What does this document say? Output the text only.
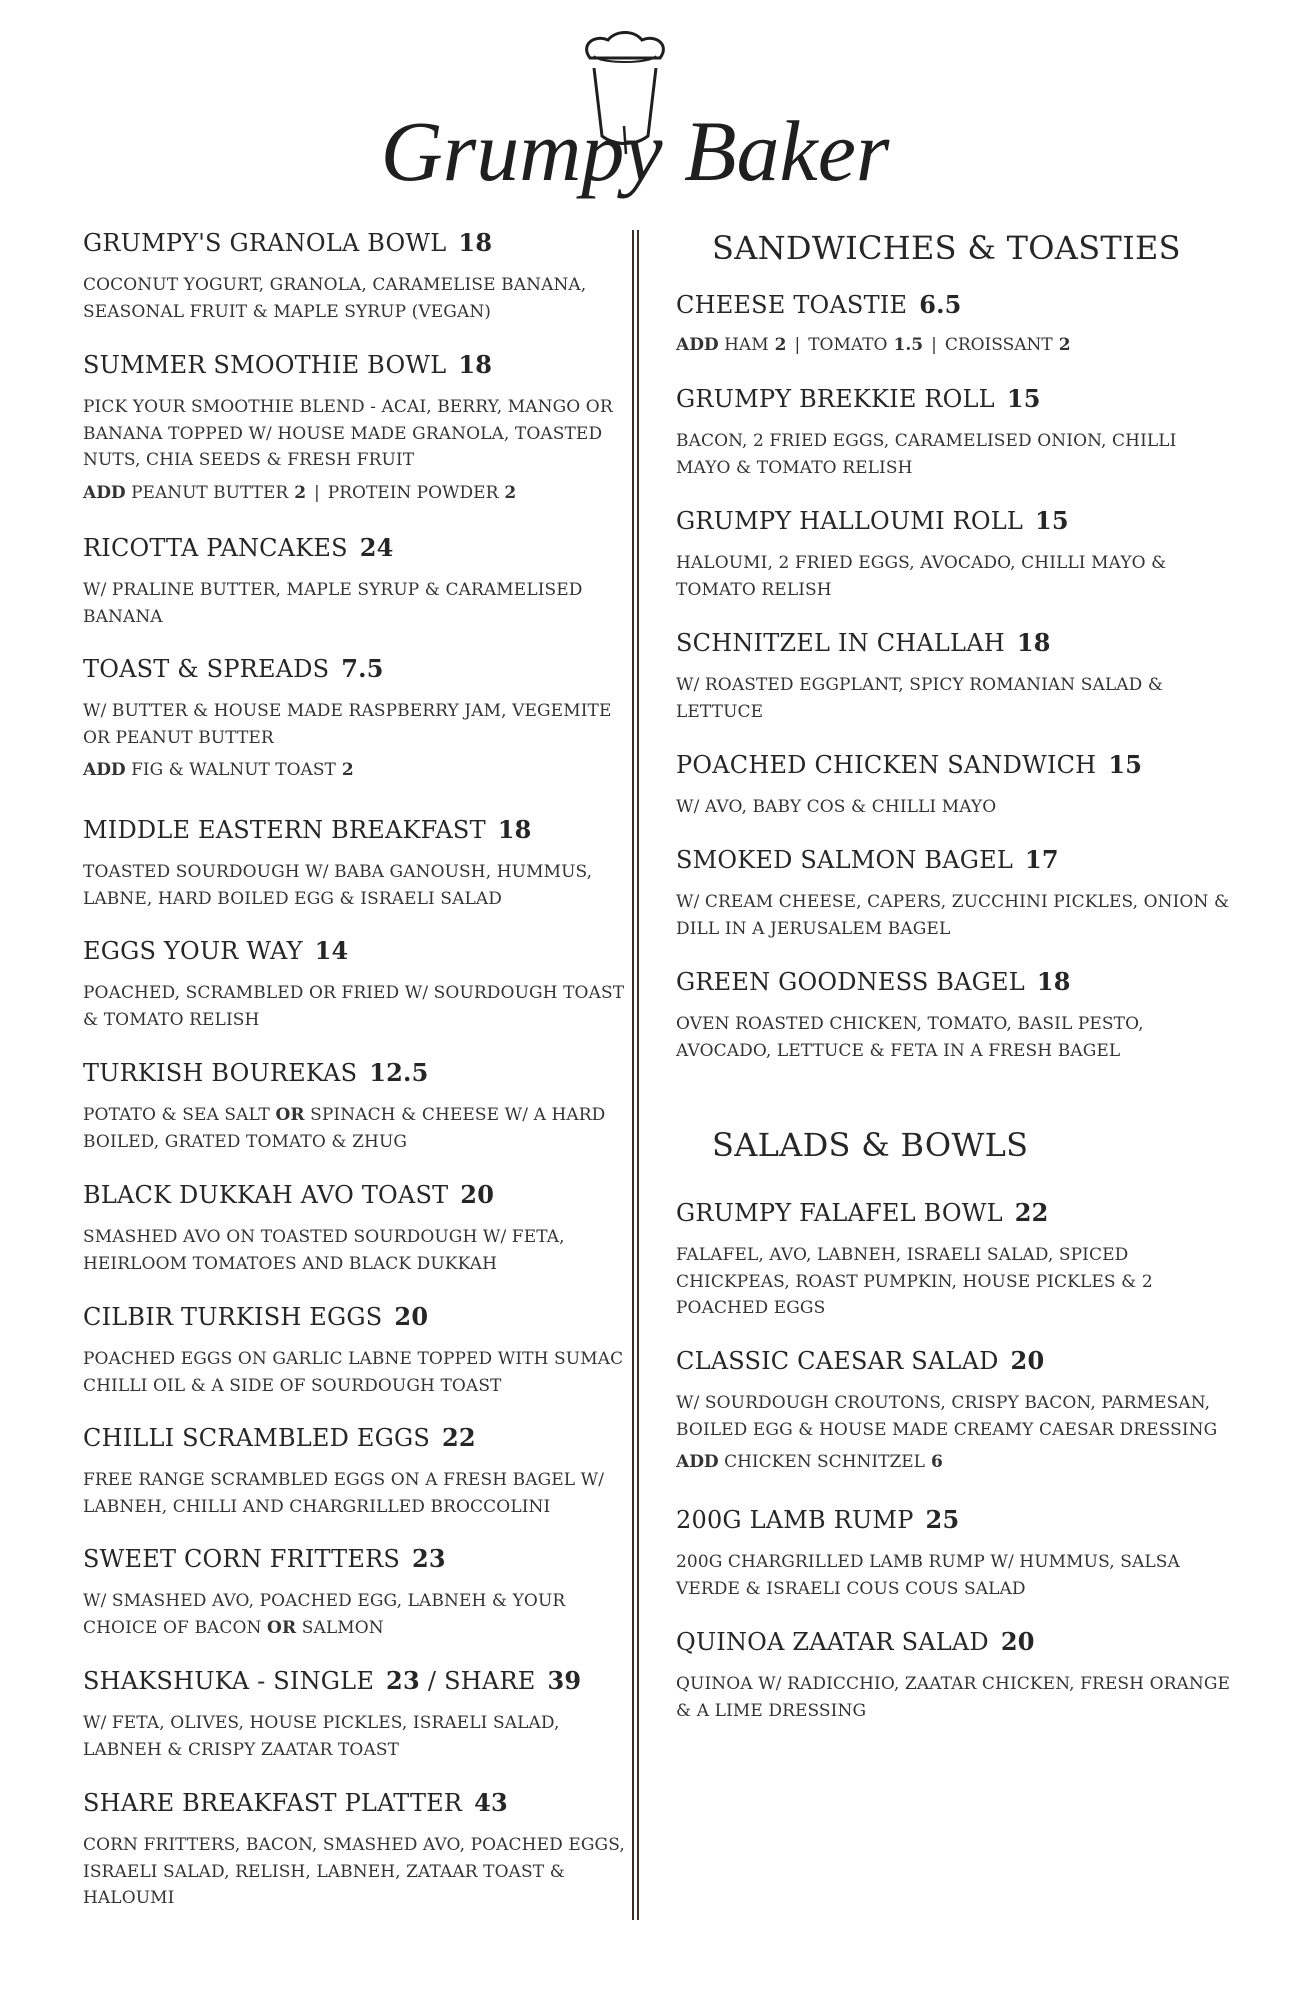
Grumpy Baker
GRUMPY'S GRANOLA BOWL 18
COCONUT YOGURT, GRANOLA, CARAMELISE BANANA, SEASONAL FRUIT & MAPLE SYRUP (VEGAN)
SUMMER SMOOTHIE BOWL 18
PICK YOUR SMOOTHIE BLEND - ACAI, BERRY, MANGO OR BANANA TOPPED W/ HOUSE MADE GRANOLA, TOASTED NUTS, CHIA SEEDS & FRESH FRUIT
ADD PEANUT BUTTER 2 | PROTEIN POWDER 2
RICOTTA PANCAKES 24
W/ PRALINE BUTTER, MAPLE SYRUP & CARAMELISED BANANA
TOAST & SPREADS 7.5
W/ BUTTER & HOUSE MADE RASPBERRY JAM, VEGEMITE OR PEANUT BUTTER
ADD FIG & WALNUT TOAST 2
MIDDLE EASTERN BREAKFAST 18
TOASTED SOURDOUGH W/ BABA GANOUSH, HUMMUS, LABNE, HARD BOILED EGG & ISRAELI SALAD
EGGS YOUR WAY 14
POACHED, SCRAMBLED OR FRIED W/ SOURDOUGH TOAST & TOMATO RELISH
TURKISH BOUREKAS 12.5
POTATO & SEA SALT OR SPINACH & CHEESE W/ A HARD BOILED, GRATED TOMATO & ZHUG
BLACK DUKKAH AVO TOAST 20
SMASHED AVO ON TOASTED SOURDOUGH W/ FETA, HEIRLOOM TOMATOES AND BLACK DUKKAH
CILBIR TURKISH EGGS 20
POACHED EGGS ON GARLIC LABNE TOPPED WITH SUMAC CHILLI OIL & A SIDE OF SOURDOUGH TOAST
CHILLI SCRAMBLED EGGS 22
FREE RANGE SCRAMBLED EGGS ON A FRESH BAGEL W/ LABNEH, CHILLI AND CHARGRILLED BROCCOLINI
SWEET CORN FRITTERS 23
W/ SMASHED AVO, POACHED EGG, LABNEH & YOUR CHOICE OF BACON OR SALMON
SHAKSHUKA - SINGLE 23 / SHARE 39
W/ FETA, OLIVES, HOUSE PICKLES, ISRAELI SALAD, LABNEH & CRISPY ZAATAR TOAST
SHARE BREAKFAST PLATTER 43
CORN FRITTERS, BACON, SMASHED AVO, POACHED EGGS, ISRAELI SALAD, RELISH, LABNEH, ZATAAR TOAST & HALOUMI
SANDWICHES & TOASTIES
CHEESE TOASTIE 6.5
ADD HAM 2 | TOMATO 1.5 | CROISSANT 2
GRUMPY BREKKIE ROLL 15
BACON, 2 FRIED EGGS, CARAMELISED ONION, CHILLI MAYO & TOMATO RELISH
GRUMPY HALLOUMI ROLL 15
HALOUMI, 2 FRIED EGGS, AVOCADO, CHILLI MAYO & TOMATO RELISH
SCHNITZEL IN CHALLAH 18
W/ ROASTED EGGPLANT, SPICY ROMANIAN SALAD & LETTUCE
POACHED CHICKEN SANDWICH 15
W/ AVO, BABY COS & CHILLI MAYO
SMOKED SALMON BAGEL 17
W/ CREAM CHEESE, CAPERS, ZUCCHINI PICKLES, ONION & DILL IN A JERUSALEM BAGEL
GREEN GOODNESS BAGEL 18
OVEN ROASTED CHICKEN, TOMATO, BASIL PESTO, AVOCADO, LETTUCE & FETA IN A FRESH BAGEL
SALADS & BOWLS
GRUMPY FALAFEL BOWL 22
FALAFEL, AVO, LABNEH, ISRAELI SALAD, SPICED CHICKPEAS, ROAST PUMPKIN, HOUSE PICKLES & 2 POACHED EGGS
CLASSIC CAESAR SALAD 20
W/ SOURDOUGH CROUTONS, CRISPY BACON, PARMESAN, BOILED EGG & HOUSE MADE CREAMY CAESAR DRESSING
ADD CHICKEN SCHNITZEL 6
200G LAMB RUMP 25
200G CHARGRILLED LAMB RUMP W/ HUMMUS, SALSA VERDE & ISRAELI COUS COUS SALAD
QUINOA ZAATAR SALAD 20
QUINOA W/ RADICCHIO, ZAATAR CHICKEN, FRESH ORANGE & A LIME DRESSING
